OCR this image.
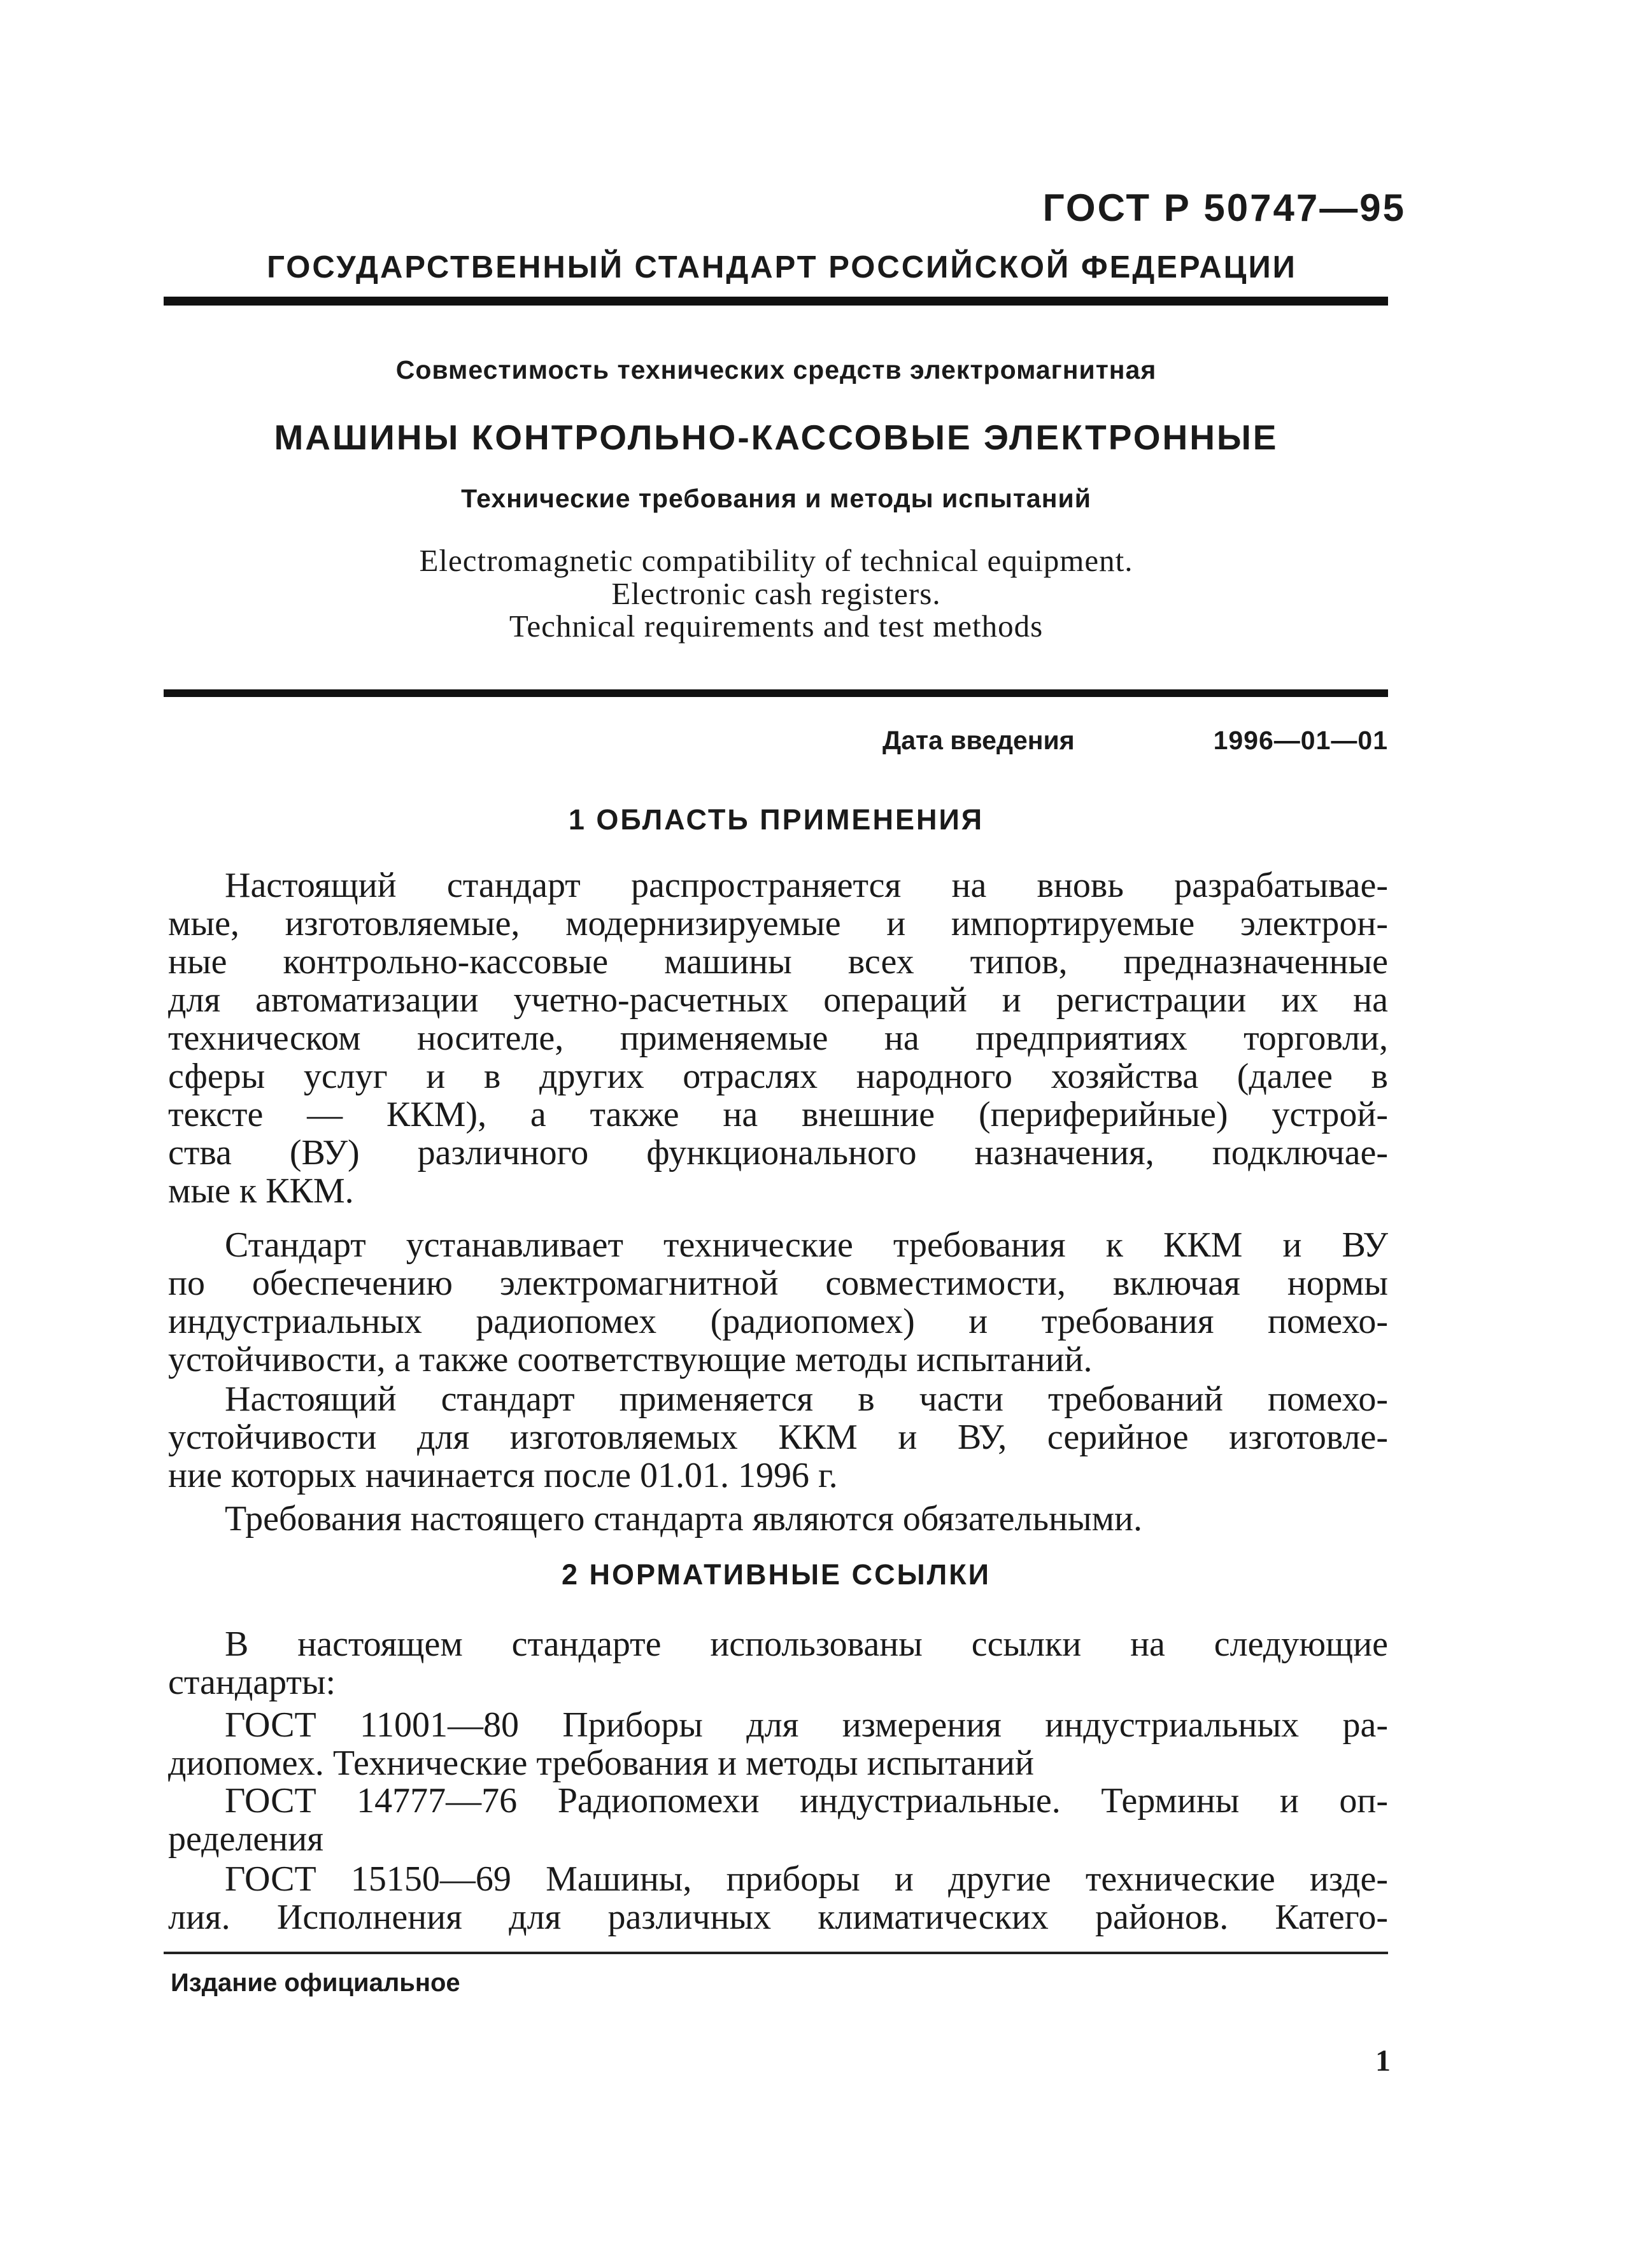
ГОСТ Р 50747—95
ГОСУДАРСТВЕННЫЙ СТАНДАРТ РОССИЙСКОЙ ФЕДЕРАЦИИ
Совместимость технических средств электромагнитная
МАШИНЫ КОНТРОЛЬНО-КАССОВЫЕ ЭЛЕКТРОННЫЕ
Технические требования и методы испытаний
Electromagnetic compatibility of technical equipment.
Electronic cash registers.
Technical requirements and test methods
Дата введения	1996—01—01
1 ОБЛАСТЬ ПРИМЕНЕНИЯ
Настоящий стандарт распространяется на вновь разрабатывае-
мые, изготовляемые, модернизируемые и импортируемые электрон-
ные контрольно-кассовые машины всех типов, предназначенные
для автоматизации учетно-расчетных операций и регистрации их на
техническом носителе, применяемые на предприятиях торговли,
сферы услуг и в других отраслях народного хозяйства (далее в
тексте — ККМ), а также на внешние (периферийные) устрой-
ства (ВУ) различного функционального назначения, подключае-
мые к ККМ.
Стандарт устанавливает технические требования к ККМ и ВУ
по обеспечению электромагнитной совместимости, включая нормы
индустриальных радиопомех (радиопомех) и требования помехо-
устойчивости, а также соответствующие методы испытаний.
Настоящий стандарт применяется в части требований помехо-
устойчивости для изготовляемых ККМ и ВУ, серийное изготовле-
ние которых начинается после 01.01. 1996 г.
Требования настоящего стандарта являются обязательными.
2 НОРМАТИВНЫЕ ССЫЛКИ
В настоящем стандарте использованы ссылки на следующие
стандарты:
ГОСТ 11001—80 Приборы для измерения индустриальных ра-
диопомех. Технические требования и методы испытаний
ГОСТ 14777—76 Радиопомехи индустриальные. Термины и оп-
ределения
ГОСТ 15150—69 Машины, приборы и другие технические изде-
лия. Исполнения для различных климатических районов. Катего-
Издание официальное
1
